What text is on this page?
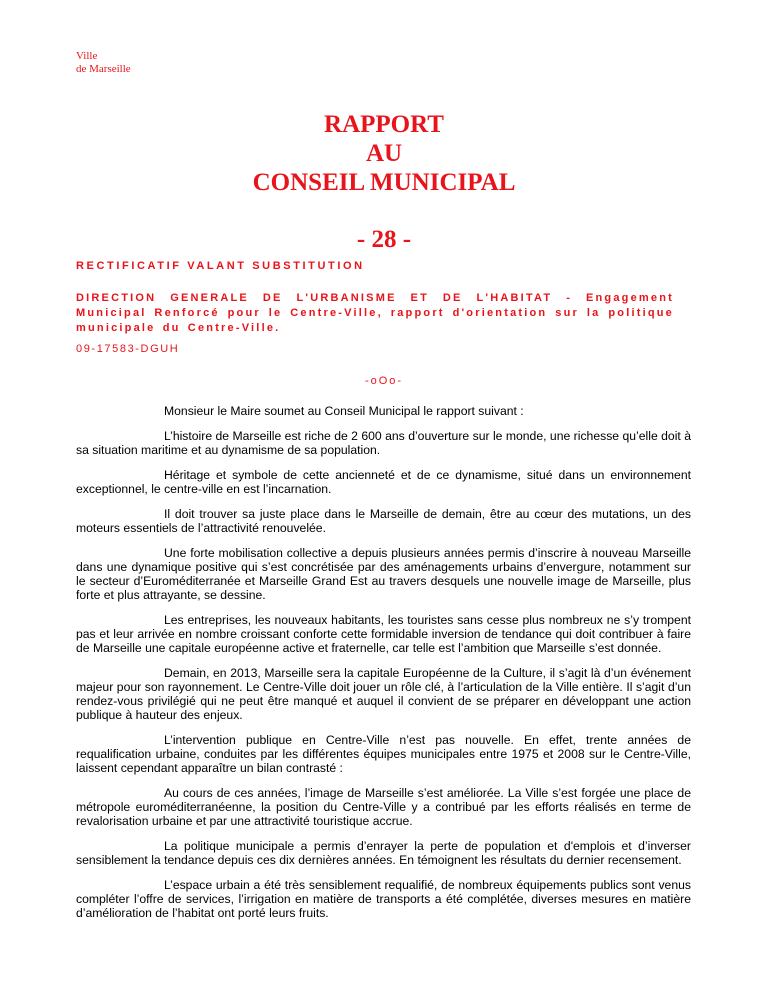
Ville
de Marseille
RAPPORT
AU
CONSEIL MUNICIPAL
- 28 -
RECTIFICATIF VALANT SUBSTITUTION
DIRECTION GENERALE DE L'URBANISME ET DE L'HABITAT - Engagement Municipal Renforcé pour le Centre-Ville, rapport d'orientation sur la politique municipale du Centre-Ville.
09-17583-DGUH
-oOo-

Monsieur le Maire soumet au Conseil Municipal le rapport suivant :

L’histoire de Marseille est riche de 2 600 ans d’ouverture sur le monde, une richesse qu’elle doit à sa situation maritime et au dynamisme de sa population.

Héritage et symbole de cette ancienneté et de ce dynamisme, situé dans un environnement exceptionnel, le centre-ville en est l’incarnation.

Il doit trouver sa juste place dans le Marseille de demain, être au cœur des mutations, un des moteurs essentiels de l’attractivité renouvelée.

Une forte mobilisation collective a depuis plusieurs années permis d’inscrire à nouveau Marseille dans une dynamique positive qui s’est concrétisée par des aménagements urbains d’envergure, notamment sur le secteur d’Euroméditerranée et Marseille Grand Est au travers desquels une nouvelle image de Marseille, plus forte et plus attrayante, se dessine.

Les entreprises, les nouveaux habitants, les touristes sans cesse plus nombreux ne s’y trompent pas et leur arrivée en nombre croissant conforte cette formidable inversion de tendance qui doit contribuer à faire de Marseille une capitale européenne active et fraternelle, car telle est l’ambition que Marseille s’est donnée.

Demain, en 2013, Marseille sera la capitale Européenne de la Culture, il s’agit là d’un événement majeur pour son rayonnement. Le Centre-Ville doit jouer un rôle clé, à l’articulation de la Ville entière. Il s’agit d’un rendez-vous privilégié qui ne peut être manqué et auquel il convient de se préparer en développant une action publique à hauteur des enjeux.

L’intervention publique en Centre-Ville n’est pas nouvelle. En effet, trente années de requalification urbaine, conduites par les différentes équipes municipales entre 1975 et 2008 sur le Centre-Ville, laissent cependant apparaître un bilan contrasté :

Au cours de ces années, l’image de Marseille s’est améliorée. La Ville s’est forgée une place de métropole euroméditerranéenne, la position du Centre-Ville y a contribué par les efforts réalisés en terme de revalorisation urbaine et par une attractivité touristique accrue.

La politique municipale a permis d’enrayer la perte de population et d'emplois et d’inverser sensiblement la tendance depuis ces dix dernières années. En témoignent les résultats du dernier recensement.

L’espace urbain a été très sensiblement requalifié, de nombreux équipements publics sont venus compléter l’offre de services, l’irrigation en matière de transports a été complétée, diverses mesures en matière d’amélioration de l’habitat ont porté leurs fruits.
